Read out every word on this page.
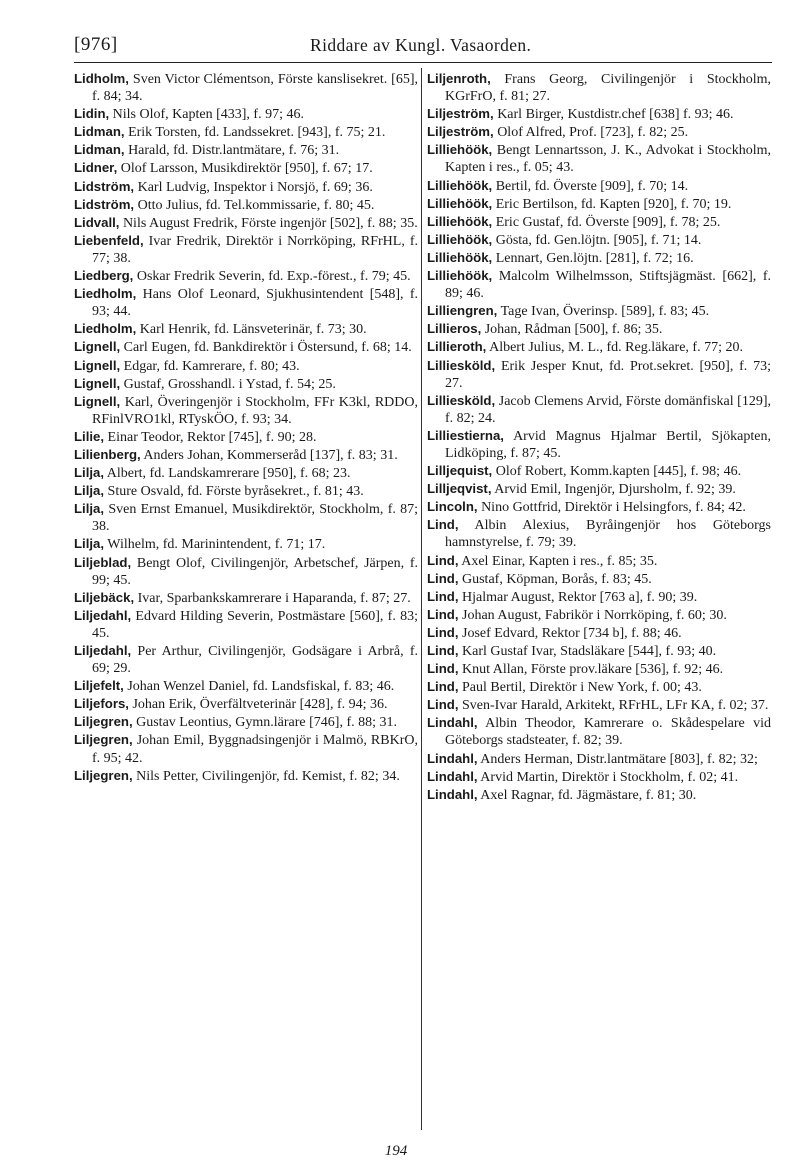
[976]	Riddare av Kungl. Vasaorden.

Lidholm, Sven Victor Clémentson, Förste kanslisekret. [65], f. 84; 34.

Lidin, Nils Olof, Kapten [433], f. 97; 46.

Lidman, Erik Torsten, fd. Landssekret. [943], f. 75; 21.

Lidman, Harald, fd. Distr.lantmätare, f. 76; 31.

Lidner, Olof Larsson, Musikdirektör [950], f. 67; 17.

Lidström, Karl Ludvig, Inspektor i Norsjö, f. 69; 36.

Lidström, Otto Julius, fd. Tel.kommissarie, f. 80; 45.

Lidvall, Nils August Fredrik, Förste ingenjör [502], f. 88; 35.

Liebenfeld, Ivar Fredrik, Direktör i Norrköping, RFrHL, f. 77; 38.

Liedberg, Oskar Fredrik Severin, fd. Exp.-förest., f. 79; 45.

Liedholm, Hans Olof Leonard, Sjukhusintendent [548], f. 93; 44.

Liedholm, Karl Henrik, fd. Länsveterinär, f. 73; 30.

Lignell, Carl Eugen, fd. Bankdirektör i Östersund, f. 68; 14.

Lignell, Edgar, fd. Kamrerare, f. 80; 43.

Lignell, Gustaf, Grosshandl. i Ystad, f. 54; 25.

Lignell, Karl, Överingenjör i Stockholm, FFr K3kl, RDDO, RFinlVRO1kl, RTyskÖO, f. 93; 34.

Lilie, Einar Teodor, Rektor [745], f. 90; 28.

Lilienberg, Anders Johan, Kommerseråd [137], f. 83; 31.

Lilja, Albert, fd. Landskamrerare [950], f. 68; 23.

Lilja, Sture Osvald, fd. Förste byråsekret., f. 81; 43.

Lilja, Sven Ernst Emanuel, Musikdirektör, Stockholm, f. 87; 38.

Lilja, Wilhelm, fd. Marinintendent, f. 71; 17.

Liljeblad, Bengt Olof, Civilingenjör, Arbetschef, Järpen, f. 99; 45.

Liljebäck, Ivar, Sparbankskamrerare i Haparanda, f. 87; 27.

Liljedahl, Edvard Hilding Severin, Postmästare [560], f. 83; 45.

Liljedahl, Per Arthur, Civilingenjör, Godsägare i Arbrå, f. 69; 29.

Liljefelt, Johan Wenzel Daniel, fd. Landsfiskal, f. 83; 46.

Liljefors, Johan Erik, Överfältveterinär [428], f. 94; 36.

Liljegren, Gustav Leontius, Gymn.lärare [746], f. 88; 31.

Liljegren, Johan Emil, Byggnadsingenjör i Malmö, RBKrO, f. 95; 42.

Liljegren, Nils Petter, Civilingenjör, fd. Kemist, f. 82; 34.

Liljenroth, Frans Georg, Civilingenjör i Stockholm, KGrFrO, f. 81; 27.

Liljeström, Karl Birger, Kustdistr.chef [638] f. 93; 46.

Liljeström, Olof Alfred, Prof. [723], f. 82; 25.

Lilliehöök, Bengt Lennartsson, J. K., Advokat i Stockholm, Kapten i res., f. 05; 43.

Lilliehöök, Bertil, fd. Överste [909], f. 70; 14.

Lilliehöök, Eric Bertilson, fd. Kapten [920], f. 70; 19.

Lilliehöök, Eric Gustaf, fd. Överste [909], f. 78; 25.

Lilliehöök, Gösta, fd. Gen.löjtn. [905], f. 71; 14.

Lilliehöök, Lennart, Gen.löjtn. [281], f. 72; 16.

Lilliehöök, Malcolm Wilhelmsson, Stiftsjägmäst. [662], f. 89; 46.

Lilliengren, Tage Ivan, Överinsp. [589], f. 83; 45.

Lillieros, Johan, Rådman [500], f. 86; 35.

Lillieroth, Albert Julius, M. L., fd. Reg.läkare, f. 77; 20.

Lilliesköld, Erik Jesper Knut, fd. Prot.sekret. [950], f. 73; 27.

Lilliesköld, Jacob Clemens Arvid, Förste domänfiskal [129], f. 82; 24.

Lilliestierna, Arvid Magnus Hjalmar Bertil, Sjökapten, Lidköping, f. 87; 45.

Lilljequist, Olof Robert, Komm.kapten [445], f. 98; 46.

Lilljeqvist, Arvid Emil, Ingenjör, Djursholm, f. 92; 39.

Lincoln, Nino Gottfrid, Direktör i Helsingfors, f. 84; 42.

Lind, Albin Alexius, Byråingenjör hos Göteborgs hamnstyrelse, f. 79; 39.

Lind, Axel Einar, Kapten i res., f. 85; 35.

Lind, Gustaf, Köpman, Borås, f. 83; 45.

Lind, Hjalmar August, Rektor [763 a], f. 90; 39.

Lind, Johan August, Fabrikör i Norrköping, f. 60; 30.

Lind, Josef Edvard, Rektor [734 b], f. 88; 46.

Lind, Karl Gustaf Ivar, Stadsläkare [544], f. 93; 40.

Lind, Knut Allan, Förste prov.läkare [536], f. 92; 46.

Lind, Paul Bertil, Direktör i New York, f. 00; 43.

Lind, Sven-Ivar Harald, Arkitekt, RFrHL, LFr KA, f. 02; 37.

Lindahl, Albin Theodor, Kamrerare o. Skådespelare vid Göteborgs stadsteater, f. 82; 39.

Lindahl, Anders Herman, Distr.lantmätare [803], f. 82; 32;

Lindahl, Arvid Martin, Direktör i Stockholm, f. 02; 41.

Lindahl, Axel Ragnar, fd. Jägmästare, f. 81; 30.

194
